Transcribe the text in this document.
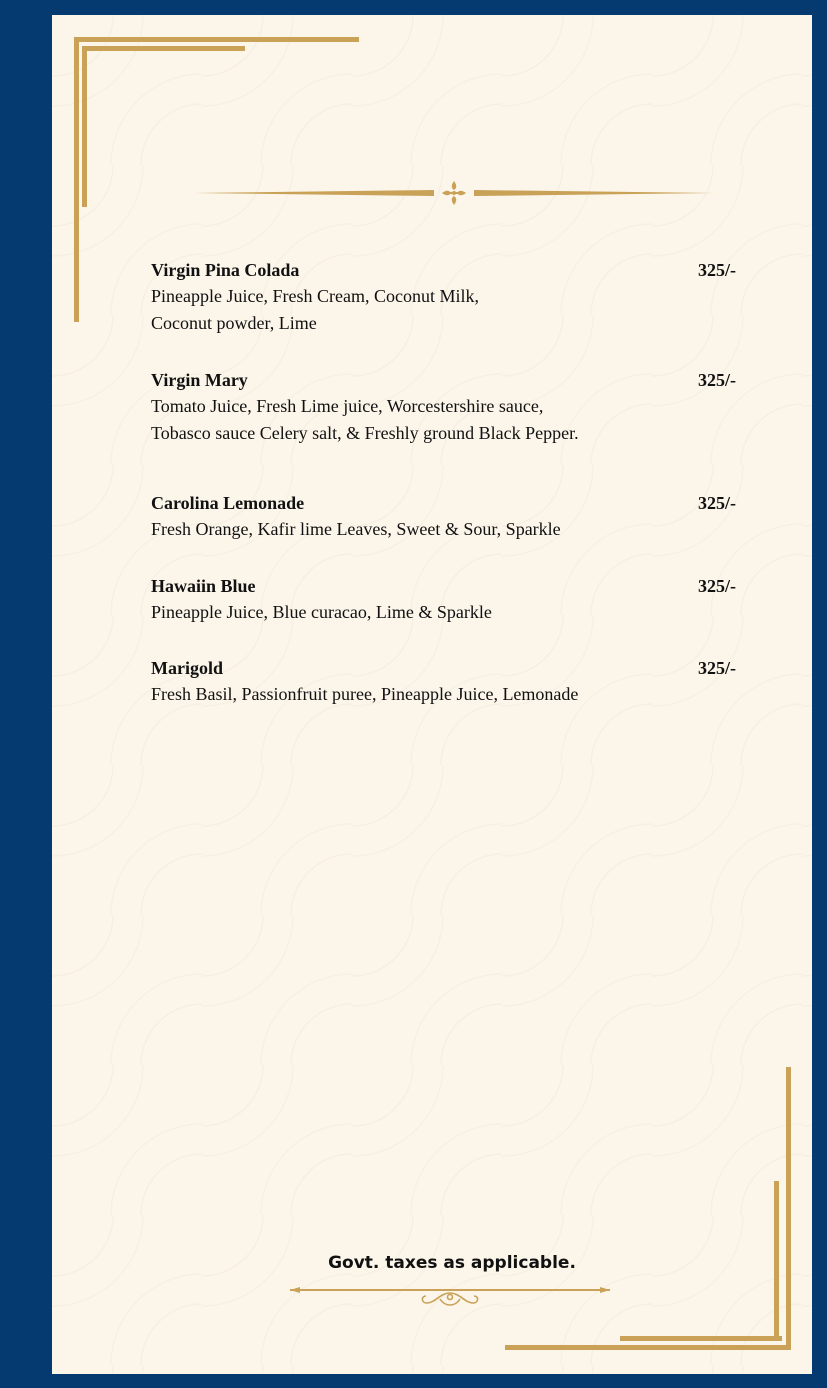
Virgin Pina Colada	325/-
Pineapple Juice, Fresh Cream, Coconut Milk,
Coconut powder, Lime
Virgin Mary	325/-
Tomato Juice, Fresh Lime juice, Worcestershire sauce,
Tobasco sauce Celery salt, & Freshly ground Black Pepper.
Carolina Lemonade	325/-
Fresh Orange, Kafir lime Leaves, Sweet & Sour, Sparkle
Hawaiin Blue	325/-
Pineapple Juice, Blue curacao, Lime & Sparkle
Marigold	325/-
Fresh Basil, Passionfruit puree, Pineapple Juice, Lemonade
Govt. taxes as applicable.
